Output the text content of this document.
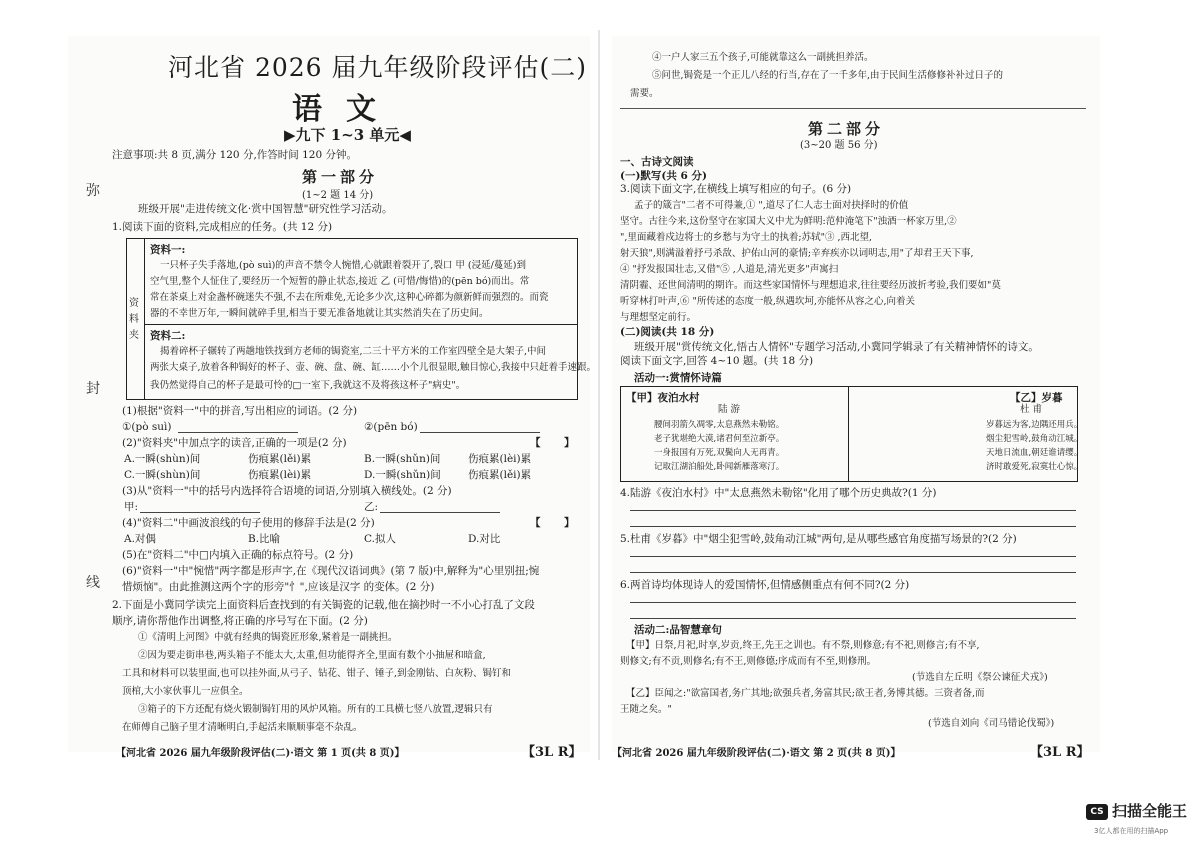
弥
封
线
河北省 2026 届九年级阶段评估(二)
语文
▶九下 1~3 单元◀
注意事项:共 8 页,满分 120 分,作答时间 120 分钟。
第一部分
(1~2 题 14 分)
班级开展"走进传统文化·赏中国智慧"研究性学习活动。
1.阅读下面的资料,完成相应的任务。(共 12 分)
资料夹
资料一:
一只杯子失手落地,(pò suì)的声音不禁令人惋惜,心就跟着裂开了,裂口 甲 (浸延/蔓延)到
空气里,整个人怔住了,要经历一个短暂的静止状态,接近 乙 (可惜/悔惜)的(pēn bó)而出。常
常在茶桌上对金盏杯碗迷失不强,不去在所难免,无论多少次,这种心碎都为颜新鲜而强烈的。而瓷
器的不幸世万年,一瞬间就碎手里,相当于要无准备地就让其实然消失在了历史间。
资料二:
揭着碎杯子辗转了两趟地铁找到方老师的锔瓷室,二三十平方米的工作室四壁全是大架子,中间
两张大桌子,放着各种锔好的杯子、壶、碗、盘、碗、缸……小个儿很显眼,触目惊心,我接中只赶着手速跟。
我仍然觉得自己的杯子是最可怜的□一室下,我就这不及将孩这杯子"病史"。
(1)根据"资料一"中的拼音,写出相应的词语。(2 分)
①(pò suì)	②(pēn bó)
(2)"资料夹"中加点字的读音,正确的一项是(2 分)	【 】
A.一瞬(shùn)间	伤痕累(lěi)累	B.一瞬(shǔn)间	伤痕累(lèi)累
C.一瞬(shùn)间	伤痕累(lèi)累	D.一瞬(shǔn)间	伤痕累(lěi)累
(3)从"资料一"中的括号内选择符合语境的词语,分别填入横线处。(2 分)
甲:	乙:
(4)"资料二"中画波浪线的句子使用的修辞手法是(2 分)	【 】
A.对偶	B.比喻	C.拟人	D.对比
(5)在"资料二"中□内填入正确的标点符号。(2 分)
(6)"资料一"中"惋惜"两字都是形声字,在《现代汉语词典》(第 7 版)中,解释为"心里别扭;惋
惜烦恼"。由此推测这两个字的形旁"忄",应该是汉字 的变体。(2 分)
2.下面是小冀同学读完上面资料后查找到的有关锔瓷的记载,他在摘抄时一不小心打乱了文段
顺序,请你帮他作出调整,将正确的序号写在下面。(2 分)
①《清明上河图》中就有经典的锔瓷匠形象,紧着是一副挑担。
②因为要走街串巷,两头箱子不能太大,太重,但功能得齐全,里面有数个小抽屉和暗盒,
工具和材料可以装里面,也可以挂外面,从弓子、钻花、钳子、锤子,到金刚钻、白灰粉、锔钉和
顶棺,大小家伙事儿一应俱全。
③箱子的下方还配有烧火锻制锔钉用的风炉风箱。所有的工具横七竖八放置,逻辑只有
在师傅自己脑子里才清晰明白,手起活来顺顺事毫不杂乱。
【河北省 2026 届九年级阶段评估(二)·语文 第 1 页(共 8 页)】	【3L R】
④一户人家三五个孩子,可能就靠这么一副挑担养活。
⑤问世,锔瓷是一个正儿八经的行当,存在了一千多年,由于民间生活修修补补过日子的
需要。
第二部分
(3~20 题 56 分)
一、古诗文阅读
(一)默写(共 6 分)
3.阅读下面文字,在横线上填写相应的句子。(6 分)
孟子的箴言"二者不可得兼,① ",道尽了仁人志士面对抉择时的价值
坚守。古往今来,这份坚守在家国大义中尤为鲜明:范仲淹笔下"浊酒一杯家万里,②
",里面藏着戍边将士的乡愁与为守土的执着;苏轼"③ ,西北望,
射天狼",则满溢着抒弓杀敌、护佑山河的豪情;辛弃疾亦以词明志,用"了却君王天下事,
④ "抒发报国壮志,又借"⑤ ,人道是,清光更多"声寓扫
清阴霾、还世间清明的期许。而这些家国情怀与理想追求,往往要经历波折考验,我们要如"莫
听穿林打叶声,⑥ "所传述的态度一般,纵遇坎坷,亦能怀从容之心,向着关
与理想坚定前行。
(二)阅读(共 18 分)
班级开展"赏传统文化,悟古人情怀"专题学习活动,小冀同学辑录了有关精神情怀的诗文。
阅读下面文字,回答 4~10 题。(共 18 分)
活动一:赏情怀诗篇
【甲】夜泊水村
陆 游
腰间羽箭久凋零,太息燕然未勒铭。
老子犹堪绝大漠,诸君何至泣新亭。
一身报国有万死,双鬓向人无再青。
记取江湖泊船处,卧闻新雁落寒汀。
【乙】岁暮
杜 甫
岁暮远为客,边隅还用兵。
烟尘犯雪岭,鼓角动江城。
天地日流血,朝廷谁请缨。
济时敢爱死,寂寞壮心惊。
4.陆游《夜泊水村》中"太息燕然未勒铭"化用了哪个历史典故?(1 分)
5.杜甫《岁暮》中"烟尘犯雪岭,鼓角动江城"两句,是从哪些感官角度描写场景的?(2 分)
6.两首诗均体现诗人的爱国情怀,但情感侧重点有何不同?(2 分)
活动二:品智慧章句
【甲】日祭,月祀,时享,岁贡,终王,先王之训也。有不祭,则修意;有不祀,则修言;有不享,
则修文;有不贡,则修名;有不王,则修德;序成而有不至,则修刑。
(节选自左丘明《祭公谏征犬戎》)
【乙】臣闻之:"欲富国者,务广其地;欲强兵者,务富其民;欲王者,务博其德。三资者备,而
王随之矣。"
(节选自刘向《司马错论伐蜀》)
【河北省 2026 届九年级阶段评估(二)·语文 第 2 页(共 8 页)】	【3L R】
CS 扫描全能王
3亿人都在用的扫描App
